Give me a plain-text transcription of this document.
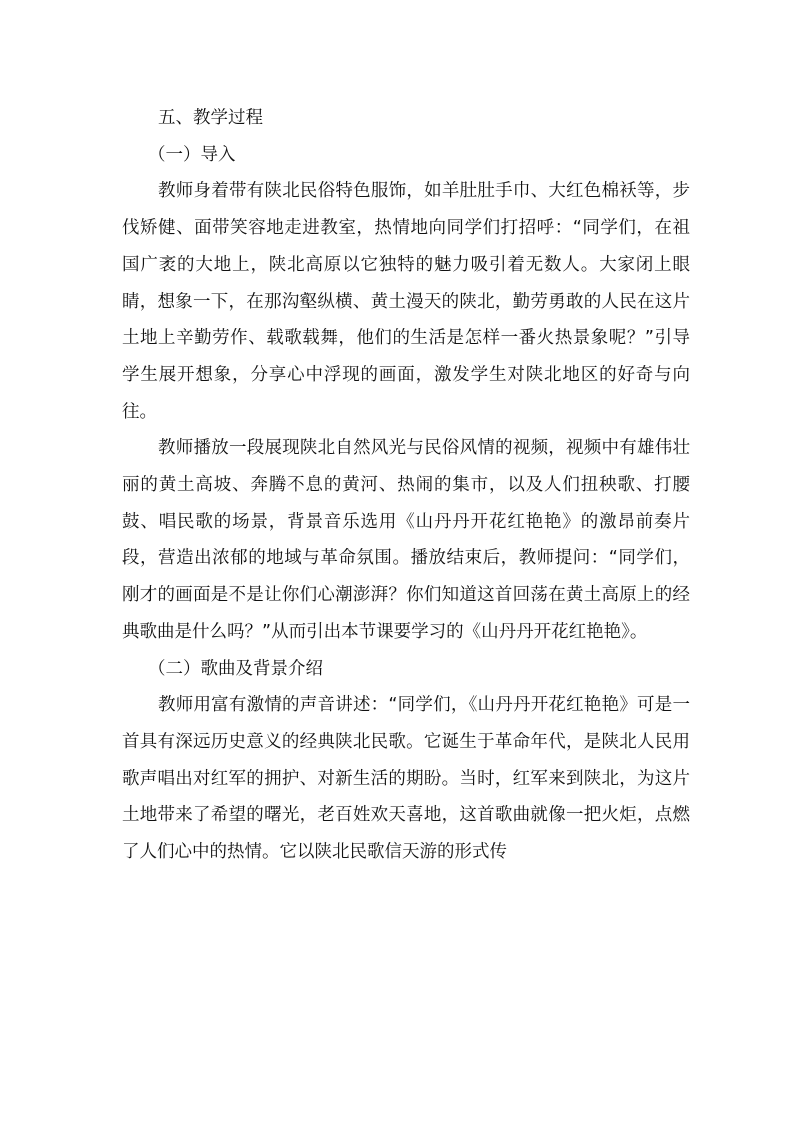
五、教学过程

（一）导入

教师身着带有陕北民俗特色服饰，如羊肚肚手巾、大红色棉袄等，步伐矫健、面带笑容地走进教室，热情地向同学们打招呼：“同学们，在祖国广袤的大地上，陕北高原以它独特的魅力吸引着无数人。大家闭上眼睛，想象一下，在那沟壑纵横、黄土漫天的陕北，勤劳勇敢的人民在这片土地上辛勤劳作、载歌载舞，他们的生活是怎样一番火热景象呢？”引导学生展开想象，分享心中浮现的画面，激发学生对陕北地区的好奇与向往。

教师播放一段展现陕北自然风光与民俗风情的视频，视频中有雄伟壮丽的黄土高坡、奔腾不息的黄河、热闹的集市，以及人们扭秧歌、打腰鼓、唱民歌的场景，背景音乐选用《山丹丹开花红艳艳》的激昂前奏片段，营造出浓郁的地域与革命氛围。播放结束后，教师提问：“同学们，刚才的画面是不是让你们心潮澎湃？你们知道这首回荡在黄土高原上的经典歌曲是什么吗？”从而引出本节课要学习的《山丹丹开花红艳艳》。

（二）歌曲及背景介绍

教师用富有激情的声音讲述：“同学们，《山丹丹开花红艳艳》可是一首具有深远历史意义的经典陕北民歌。它诞生于革命年代，是陕北人民用歌声唱出对红军的拥护、对新生活的期盼。当时，红军来到陕北，为这片土地带来了希望的曙光，老百姓欢天喜地，这首歌曲就像一把火炬，点燃了人们心中的热情。它以陕北民歌信天游的形式传
